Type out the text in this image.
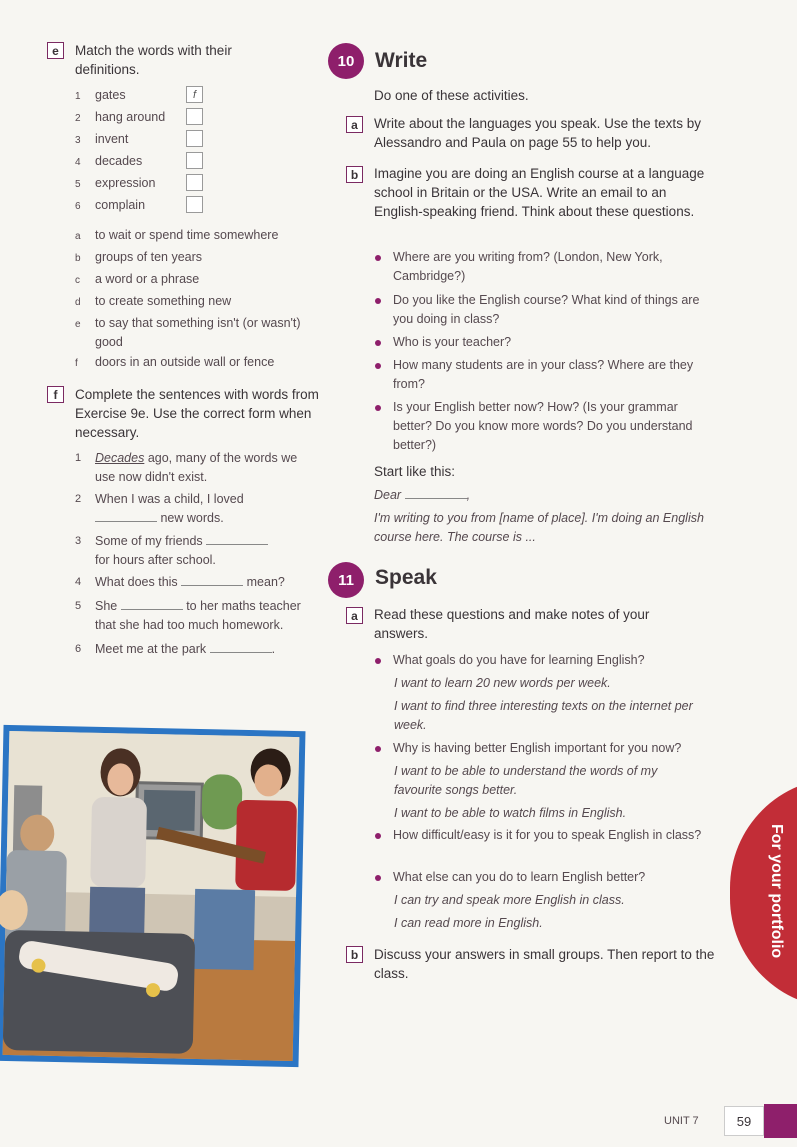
e	Match the words with their definitions.
1	gates	f
2	hang around
3	invent
4	decades
5	expression
6	complain
a	to wait or spend time somewhere
b	groups of ten years
c	a word or a phrase
d	to create something new
e	to say that something isn't (or wasn't) good
f	doors in an outside wall or fence
f	Complete the sentences with words from Exercise 9e. Use the correct form when necessary.
1	Decades ago, many of the words we use now didn't exist.
2	When I was a child, I loved
new words.
3	Some of my friends
for hours after school.
4	What does this	mean?
5	She	to her maths teacher that she had too much homework.
6	Meet me at the park	.
10 Write
Do one of these activities.
a	Write about the languages you speak. Use the texts by Alessandro and Paula on page 55 to help you.
b	Imagine you are doing an English course at a language school in Britain or the USA. Write an email to an English-speaking friend. Think about these questions.
Where are you writing from? (London, New York, Cambridge?)
Do you like the English course? What kind of things are you doing in class?
Who is your teacher?
How many students are in your class? Where are they from?
Is your English better now? How? (Is your grammar better? Do you know more words? Do you understand better?)
Start like this:
Dear	,
I'm writing to you from [name of place]. I'm doing an English course here. The course is ...
11	Speak
a	Read these questions and make notes of your answers.
What goals do you have for learning English?
I want to learn 20 new words per week.
I want to find three interesting texts on the internet per week.
Why is having better English important for you now?
I want to be able to understand the words of my favourite songs better.
I want to be able to watch films in English.
How difficult/easy is it for you to speak English in class?
What else can you do to learn English better?
I can try and speak more English in class.
I can read more in English.
b	Discuss your answers in small groups. Then report to the class.
For your portfolio
UNIT 7	59
